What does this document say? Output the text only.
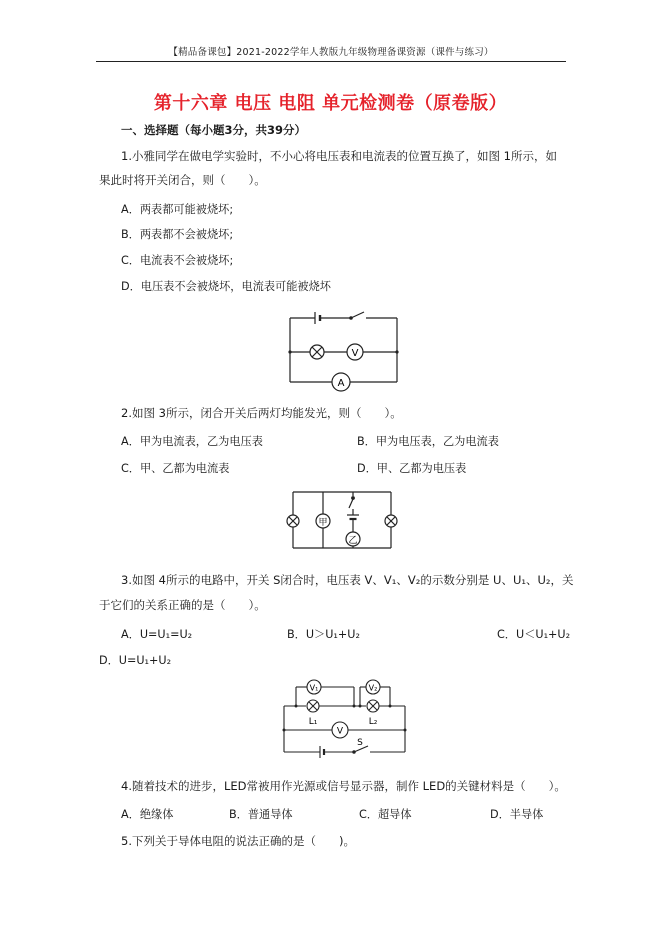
【精品备课包】2021-2022学年人教版九年级物理备课资源（课件与练习）
第十六章 电压 电阻 单元检测卷（原卷版）
一、选择题（每小题3分，共39分）
1.小雅同学在做电学实验时，不小心将电压表和电流表的位置互换了，如图 1所示，如
果此时将开关闭合，则（　　）。
A．两表都可能被烧坏;
B．两表都不会被烧坏;
C．电流表不会被烧坏;
D．电压表不会被烧坏，电流表可能被烧坏
V
A
2.如图 3所示，闭合开关后两灯均能发光，则（　　）。
A．甲为电流表，乙为电压表	B．甲为电压表，乙为电流表
C．甲、乙都为电流表	D．甲、乙都为电压表
甲
乙
3.如图 4所示的电路中，开关 S闭合时，电压表 V、V₁、V₂的示数分别是 U、U₁、U₂，关
于它们的关系正确的是（　　）。
A．U=U₁=U₂	B．U＞U₁+U₂	C．U＜U₁+U₂
D．U=U₁+U₂
V₁	V₂
L₁	L₂
V
S
4.随着技术的进步，LED常被用作光源或信号显示器，制作 LED的关键材料是（　　）。
A．绝缘体	B．普通导体	C．超导体	D．半导体
5.下列关于导体电阻的说法正确的是（　　)。
